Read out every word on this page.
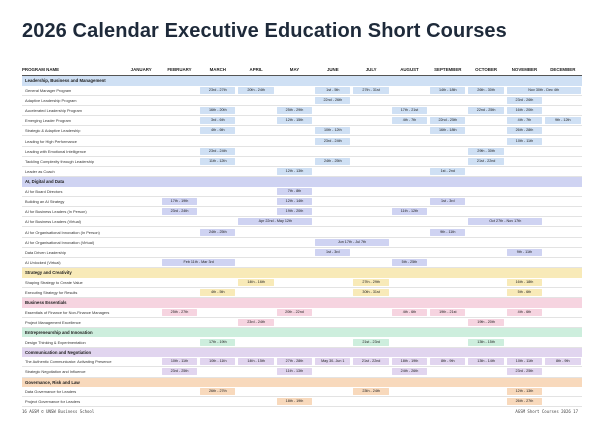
2026 Calendar Executive Education Short Courses
PROGRAM NAME	JANUARY	FEBRUARY	MARCH	APRIL	MAY	JUNE	JULY	AUGUST	SEPTEMBER	OCTOBER	NOVEMBER	DECEMBER
Leadership, Business and Management												
General Manager Program			23rd - 27th	20th - 24th		1st - 5th	27th - 31st		14th - 18th	26th - 30th	Nov 30th - Dec 4th	

Adaptive Leadership Program						22nd - 26th					23rd - 26th	

Accelerated Leadership Program			16th - 20th		25th - 29th			17th - 21st		22nd - 25th	16th - 20th	

Emerging Leader Program			3rd - 6th		12th - 15th			4th - 7th	22nd - 25th		4th - 7th	9th - 12th

Strategic & Adaptive Leadership			4th - 6th			10th - 12th			16th - 18th		26th - 28th	

Leading for High Performance						23rd - 24th					10th - 11th	

Leading with Emotional Intelligence			23rd - 24th							29th - 30th		

Tackling Complexity through Leadership			11th - 12th			24th - 25th				21st - 22nd		

Leader as Coach					12th - 13th				1st - 2nd			

AI, Digital and Data												
AI for Board Directors					7th - 8th							

Building an AI Strategy		17th - 19th			12th - 14th				1st - 3rd			

AI for Business Leaders (In Person)		23rd - 24th			19th - 20th			11th - 12th				

AI for Business Leaders (Virtual)				Apr 22nd - May 12th						Oct 27th - Nov 17th		

AI for Organisational Innovation (In Person)			24th - 25th						9th - 11th			

AI for Organisational Innovation (Virtual)						Jun 17th - Jul 7th						

Data Driven Leadership						1st - 3rd					9th - 11th	

AI Unlocked (Virtual)		Feb 11th - Mar 3rd						5th - 25th				

Strategy and Creativity												
Shaping Strategy to Create Value				14th - 16th			27th - 29th				16th - 18th	

Executing Strategy for Results			4th - 5th				30th - 31st				5th - 6th	

Business Essentials												
Essentials of Finance for Non-Finance Managers		25th - 27th			20th - 22nd			4th - 6th	19th - 21st		4th - 6th	

Project Management Excellence				23rd - 24th						19th - 20th		

Entrepreneurship and Innovation												
Design Thinking & Experimentation			17th - 19th				21st - 23rd			13th - 15th		

Communication and Negotiation												
The Authentic Communicator: Activating Presence		10th - 11th	10th - 11th	14th - 15th	27th - 28th	May 30- Jun 1	21st - 22nd	18th - 19th	8th - 9th	13th - 14th	10th - 11th	8th - 9th

Strategic Negotiation and Influence		23rd - 25th			11th - 13th			24th - 26th			23rd - 25th	

Governance, Risk and Law												
Data Governance for Leaders			26th - 27th				23th - 24th				12th - 13th	

Project Governance for Leaders					18th - 19th						26th - 27th	

16 AGSM © UNSW Business School	AGSM Short Courses 2026 17
